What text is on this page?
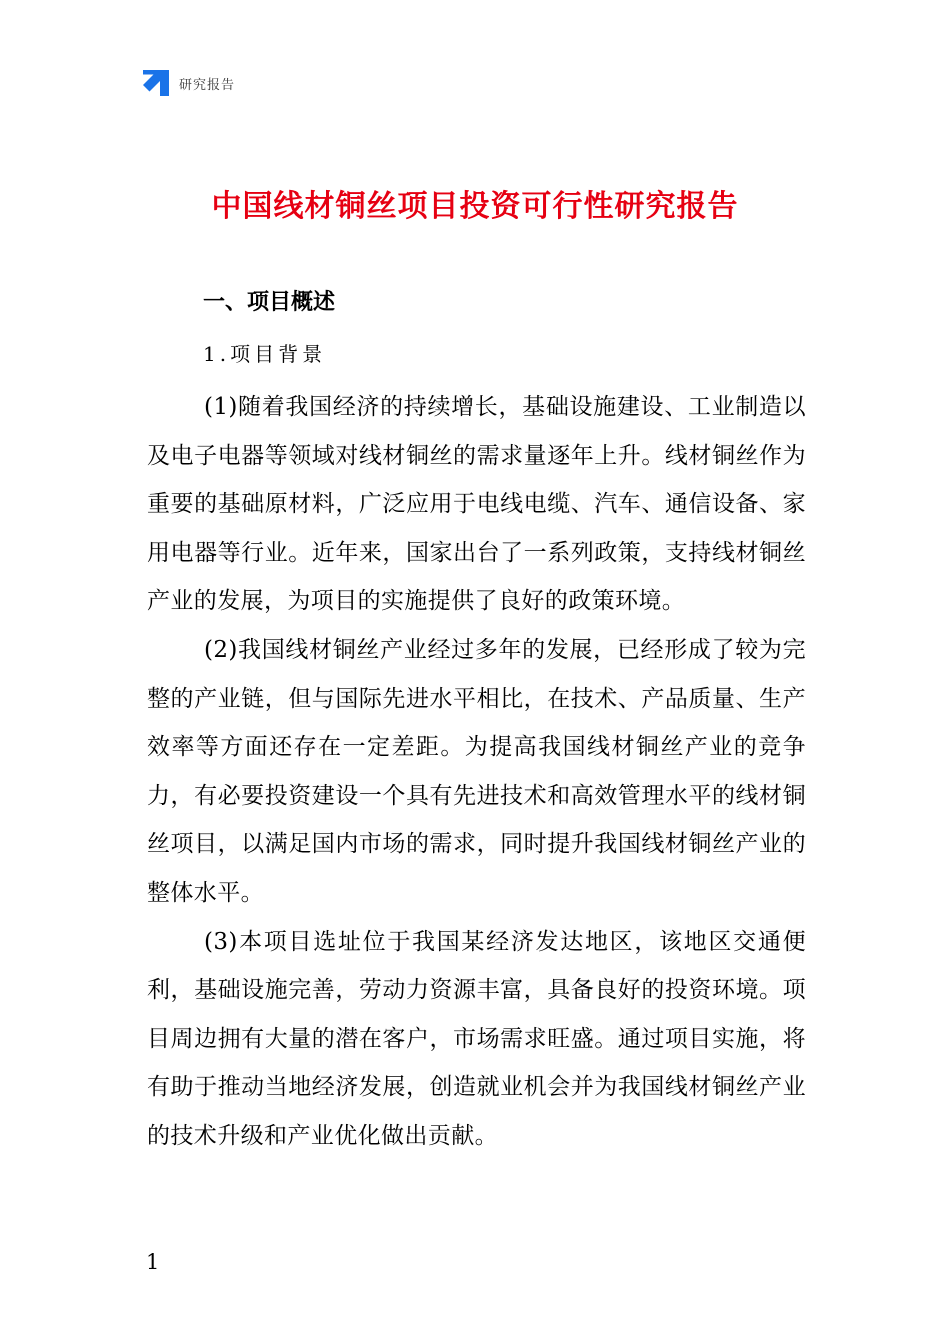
研究报告
中国线材铜丝项目投资可行性研究报告
一、项目概述
1.项目背景

(1)随着我国经济的持续增长，基础设施建设、工业制造以及电子电器等领域对线材铜丝的需求量逐年上升。线材铜丝作为重要的基础原材料，广泛应用于电线电缆、汽车、通信设备、家用电器等行业。近年来，国家出台了一系列政策，支持线材铜丝产业的发展，为项目的实施提供了良好的政策环境。

(2)我国线材铜丝产业经过多年的发展，已经形成了较为完整的产业链，但与国际先进水平相比，在技术、产品质量、生产效率等方面还存在一定差距。为提高我国线材铜丝产业的竞争力，有必要投资建设一个具有先进技术和高效管理水平的线材铜丝项目，以满足国内市场的需求，同时提升我国线材铜丝产业的整体水平。

(3)本项目选址位于我国某经济发达地区，该地区交通便利，基础设施完善，劳动力资源丰富，具备良好的投资环境。项目周边拥有大量的潜在客户，市场需求旺盛。通过项目实施，将有助于推动当地经济发展，创造就业机会并为我国线材铜丝产业的技术升级和产业优化做出贡献。

1
